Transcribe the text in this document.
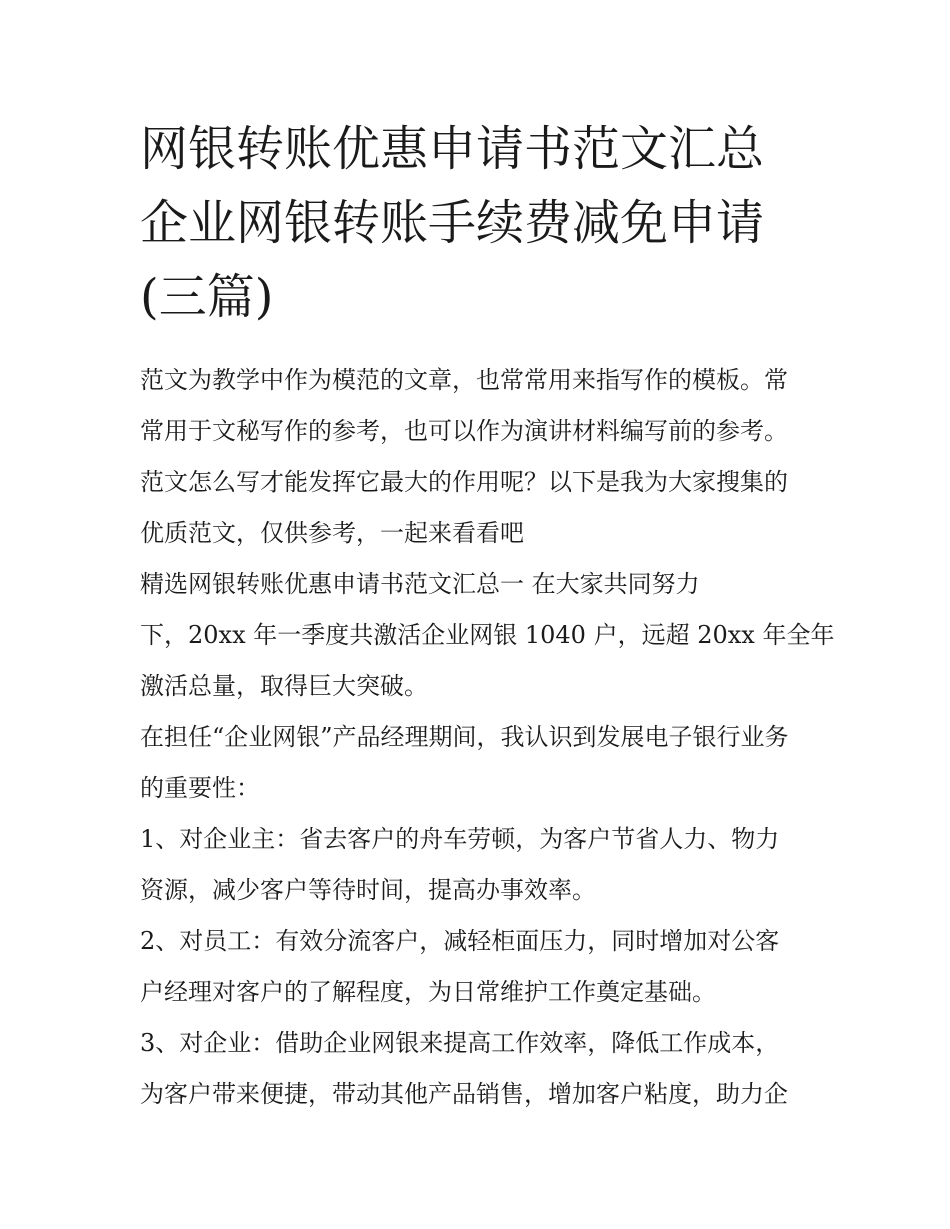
网银转账优惠申请书范文汇总
企业网银转账手续费减免申请
(三篇)
范文为教学中作为模范的文章，也常常用来指写作的模板。常
常用于文秘写作的参考，也可以作为演讲材料编写前的参考。
范文怎么写才能发挥它最大的作用呢？以下是我为大家搜集的
优质范文，仅供参考，一起来看看吧
精选网银转账优惠申请书范文汇总一 在大家共同努力
下，20xx 年一季度共激活企业网银 1040 户，远超 20xx 年全年
激活总量，取得巨大突破。
在担任“企业网银”产品经理期间，我认识到发展电子银行业务
的重要性：
1、对企业主：省去客户的舟车劳顿，为客户节省人力、物力
资源，减少客户等待时间，提高办事效率。
2、对员工：有效分流客户，减轻柜面压力，同时增加对公客
户经理对客户的了解程度，为日常维护工作奠定基础。
3、对企业：借助企业网银来提高工作效率，降低工作成本，
为客户带来便捷，带动其他产品销售，增加客户粘度，助力企
